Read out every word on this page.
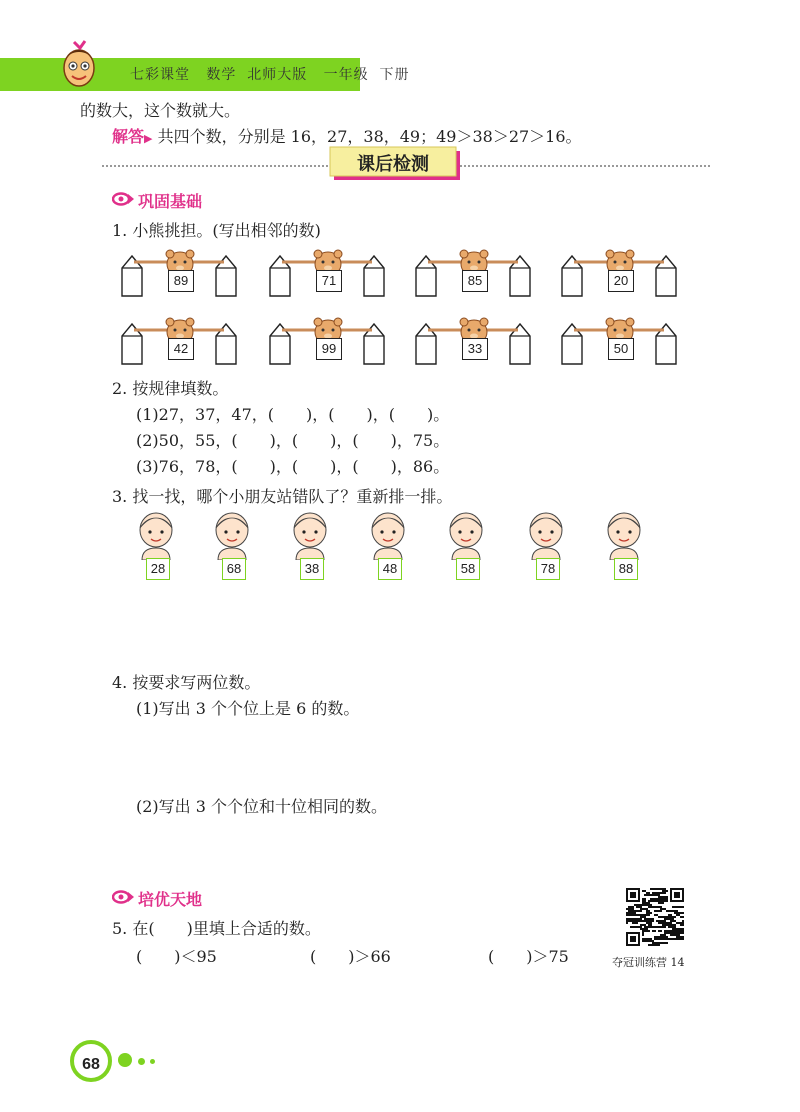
七彩课堂 数学 北师大版 一年级 下册
的数大，这个数就大。
解答▶ 共四个数，分别是 16，27，38，49；49＞38＞27＞16。
课后检测
巩固基础
1. 小熊挑担。(写出相邻的数)
89	71	85	20
42	99	33	50
2. 按规律填数。
(1)27，37，47，(　　)，(　　)，(　　)。
(2)50，55，(　　)，(　　)，(　　)，75。
(3)76，78，(　　)，(　　)，(　　)，86。
3. 找一找，哪个小朋友站错队了？重新排一排。
28	68	38	48	58	78	88
4. 按要求写两位数。
(1)写出 3 个个位上是 6 的数。
(2)写出 3 个个位和十位相同的数。
培优天地
5. 在(　　)里填上合适的数。
(　　)＜95	(　　)＞66	(　　)＞75	夺冠训练营 14
68
